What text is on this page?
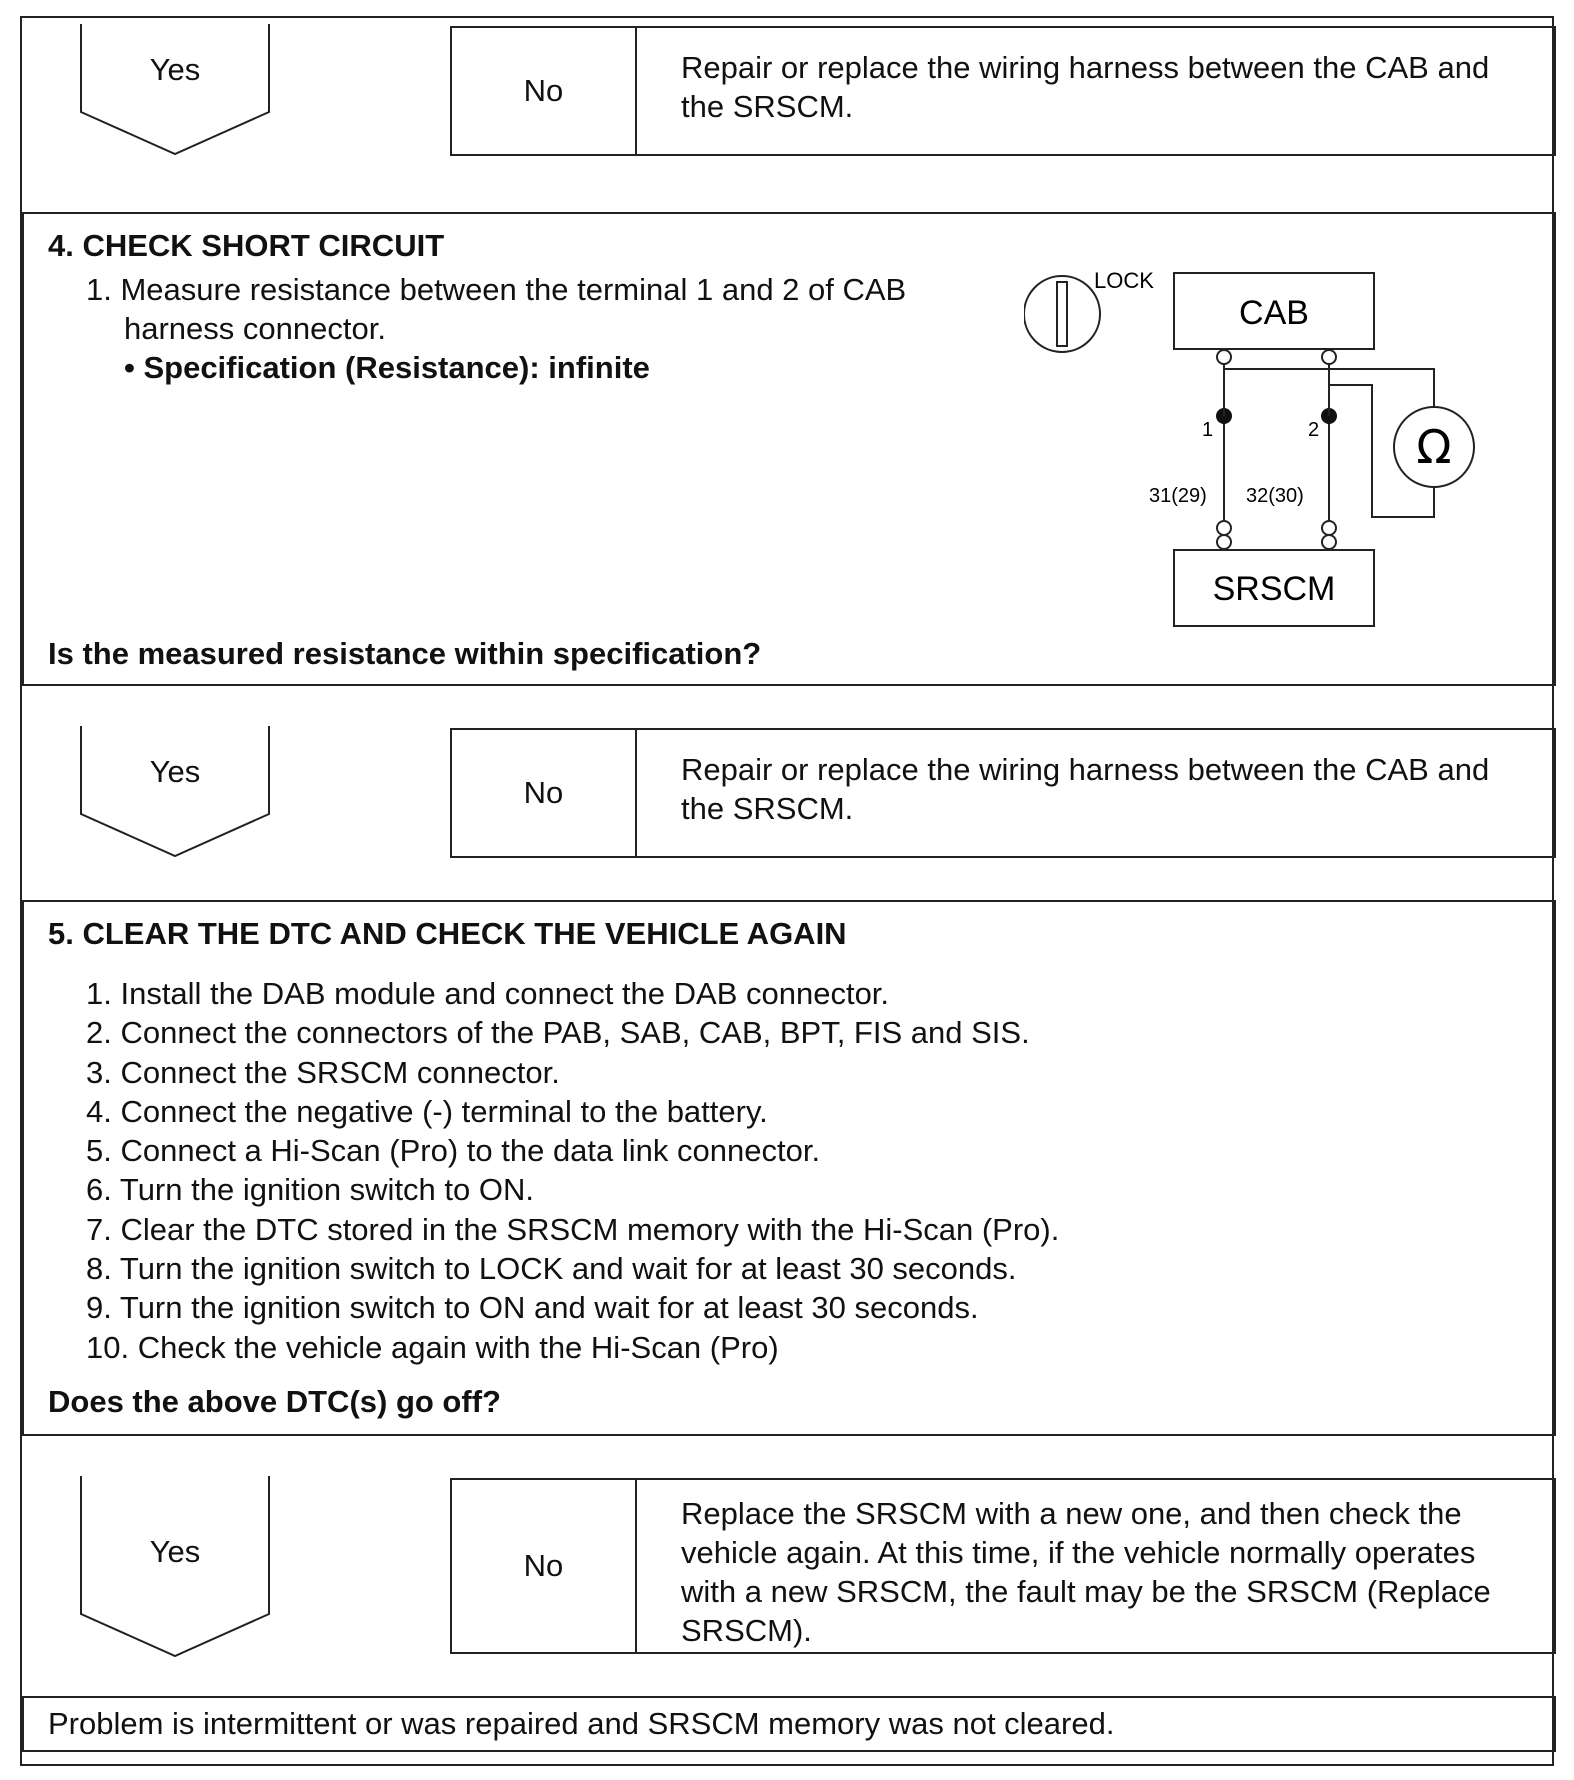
Yes
No
Repair or replace the wiring harness between the CAB and the SRSCM.
4. CHECK SHORT CIRCUIT
1. Measure resistance between the terminal 1 and 2 of CAB
harness connector.
• Specification (Resistance): infinite
Is the measured resistance within specification?
LOCK
CAB
SRSCM
Ω
1	2
31(29) 32(30)
Yes
No
Repair or replace the wiring harness between the CAB and the SRSCM.
5. CLEAR THE DTC AND CHECK THE VEHICLE AGAIN
1. Install the DAB module and connect the DAB connector.
2. Connect the connectors of the PAB, SAB, CAB, BPT, FIS and SIS.
3. Connect the SRSCM connector.
4. Connect the negative (-) terminal to the battery.
5. Connect a Hi-Scan (Pro) to the data link connector.
6. Turn the ignition switch to ON.
7. Clear the DTC stored in the SRSCM memory with the Hi-Scan (Pro).
8. Turn the ignition switch to LOCK and wait for at least 30 seconds.
9. Turn the ignition switch to ON and wait for at least 30 seconds.
10. Check the vehicle again with the Hi-Scan (Pro)
Does the above DTC(s) go off?
Yes	No
Replace the SRSCM with a new one, and then check the vehicle again. At this time, if the vehicle normally operates with a new SRSCM, the fault may be the SRSCM (Replace SRSCM).
Problem is intermittent or was repaired and SRSCM memory was not cleared.
